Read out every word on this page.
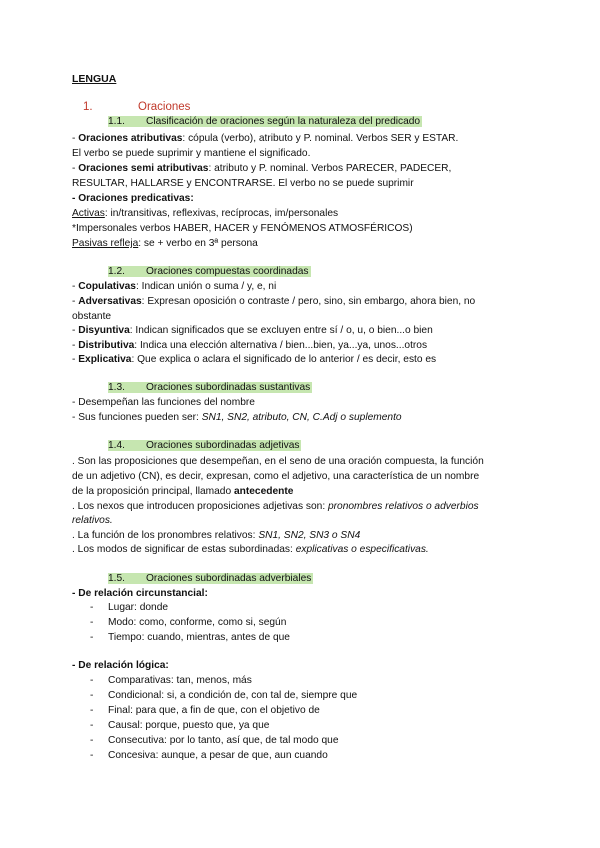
LENGUA
1.	Oraciones
1.1. Clasificación de oraciones según la naturaleza del predicado
- Oraciones atributivas: cópula (verbo), atributo y P. nominal. Verbos SER y ESTAR.
El verbo se puede suprimir y mantiene el significado.
- Oraciones semi atributivas: atributo y P. nominal. Verbos PARECER, PADECER,
RESULTAR, HALLARSE y ENCONTRARSE. El verbo no se puede suprimir
- Oraciones predicativas:
Activas: in/transitivas, reflexivas, recíprocas, im/personales
*Impersonales verbos HABER, HACER y FENÓMENOS ATMOSFÉRICOS)
Pasivas refleja: se + verbo en 3ª persona
1.2. Oraciones compuestas coordinadas
- Copulativas: Indican unión o suma / y, e, ni
- Adversativas: Expresan oposición o contraste / pero, sino, sin embargo, ahora bien, no
obstante
- Disyuntiva: Indican significados que se excluyen entre sí / o, u, o bien...o bien
- Distributiva: Indica una elección alternativa / bien...bien, ya...ya, unos...otros
- Explicativa: Que explica o aclara el significado de lo anterior / es decir, esto es
1.3. Oraciones subordinadas sustantivas
- Desempeñan las funciones del nombre
- Sus funciones pueden ser: SN1, SN2, atributo, CN, C.Adj o suplemento
1.4. Oraciones subordinadas adjetivas
. Son las proposiciones que desempeñan, en el seno de una oración compuesta, la función
de un adjetivo (CN), es decir, expresan, como el adjetivo, una característica de un nombre
de la proposición principal, llamado antecedente
. Los nexos que introducen proposiciones adjetivas son: pronombres relativos o adverbios
relativos.
. La función de los pronombres relativos: SN1, SN2, SN3 o SN4
. Los modos de significar de estas subordinadas: explicativas o especificativas.
1.5. Oraciones subordinadas adverbiales
- De relación circunstancial:
- Lugar: donde
- Modo: como, conforme, como si, según
- Tiempo: cuando, mientras, antes de que
- De relación lógica:
- Comparativas: tan, menos, más
- Condicional: si, a condición de, con tal de, siempre que
- Final: para que, a fin de que, con el objetivo de
- Causal: porque, puesto que, ya que
- Consecutiva: por lo tanto, así que, de tal modo que
- Concesiva: aunque, a pesar de que, aun cuando
